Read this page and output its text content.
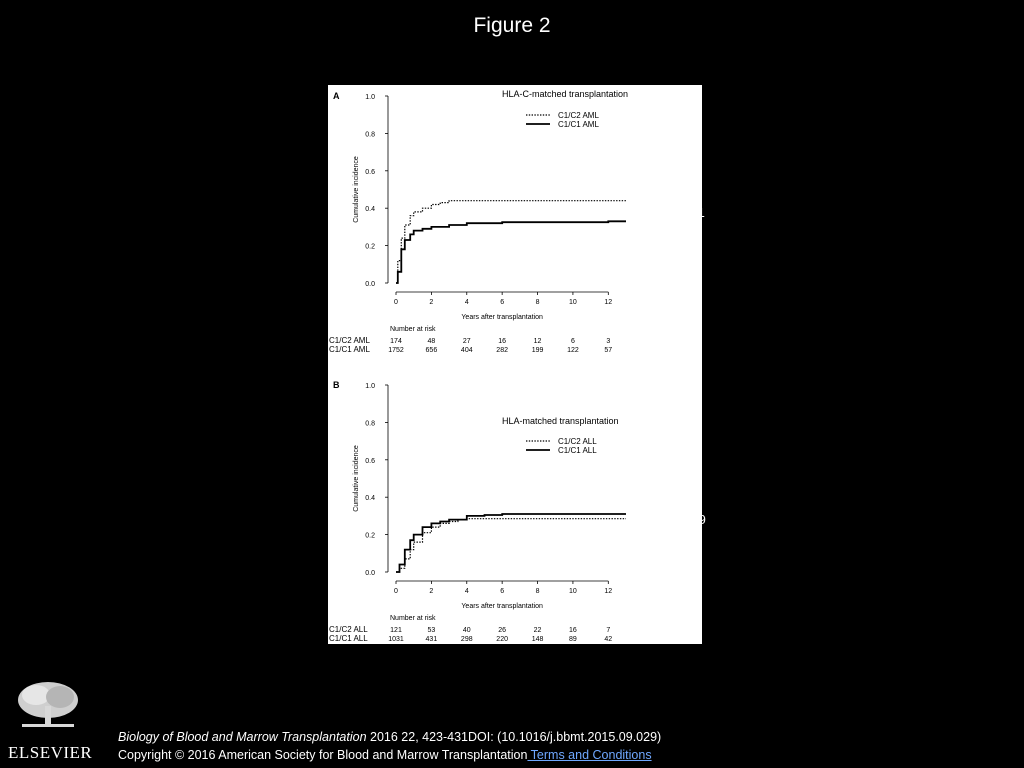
Figure 2
A
0.0
0.2
0.4
0.6
0.8
1.0
Cumulative incidence
0	2	4	6	8	10	12
Years after transplantation
HLA-C-matched transplantation
C1/C2 AML
C1/C1 AML
Number at risk
C1/C2 AML	174	48	27	16	12	6	3
C1/C1 AML	1752	656	404	282	199	122	57
B
0.0
0.2
0.4
0.6
0.8
1.0
Cumulative incidence
0	2	4	6	8	10	12
Years after transplantation
HLA-matched transplantation
C1/C2 ALL
C1/C1 ALL
Number at risk
C1/C2 ALL	121	53	40	26	22	16	7
C1/C1 ALL	1031	431	298	220	148	89	42
P = .011
P = .619
ELSEVIER
Biology of Blood and Marrow Transplantation 2016 22, 423-431DOI: (10.1016/j.bbmt.2015.09.029)
Copyright © 2016 American Society for Blood and Marrow Transplantation Terms and Conditions
